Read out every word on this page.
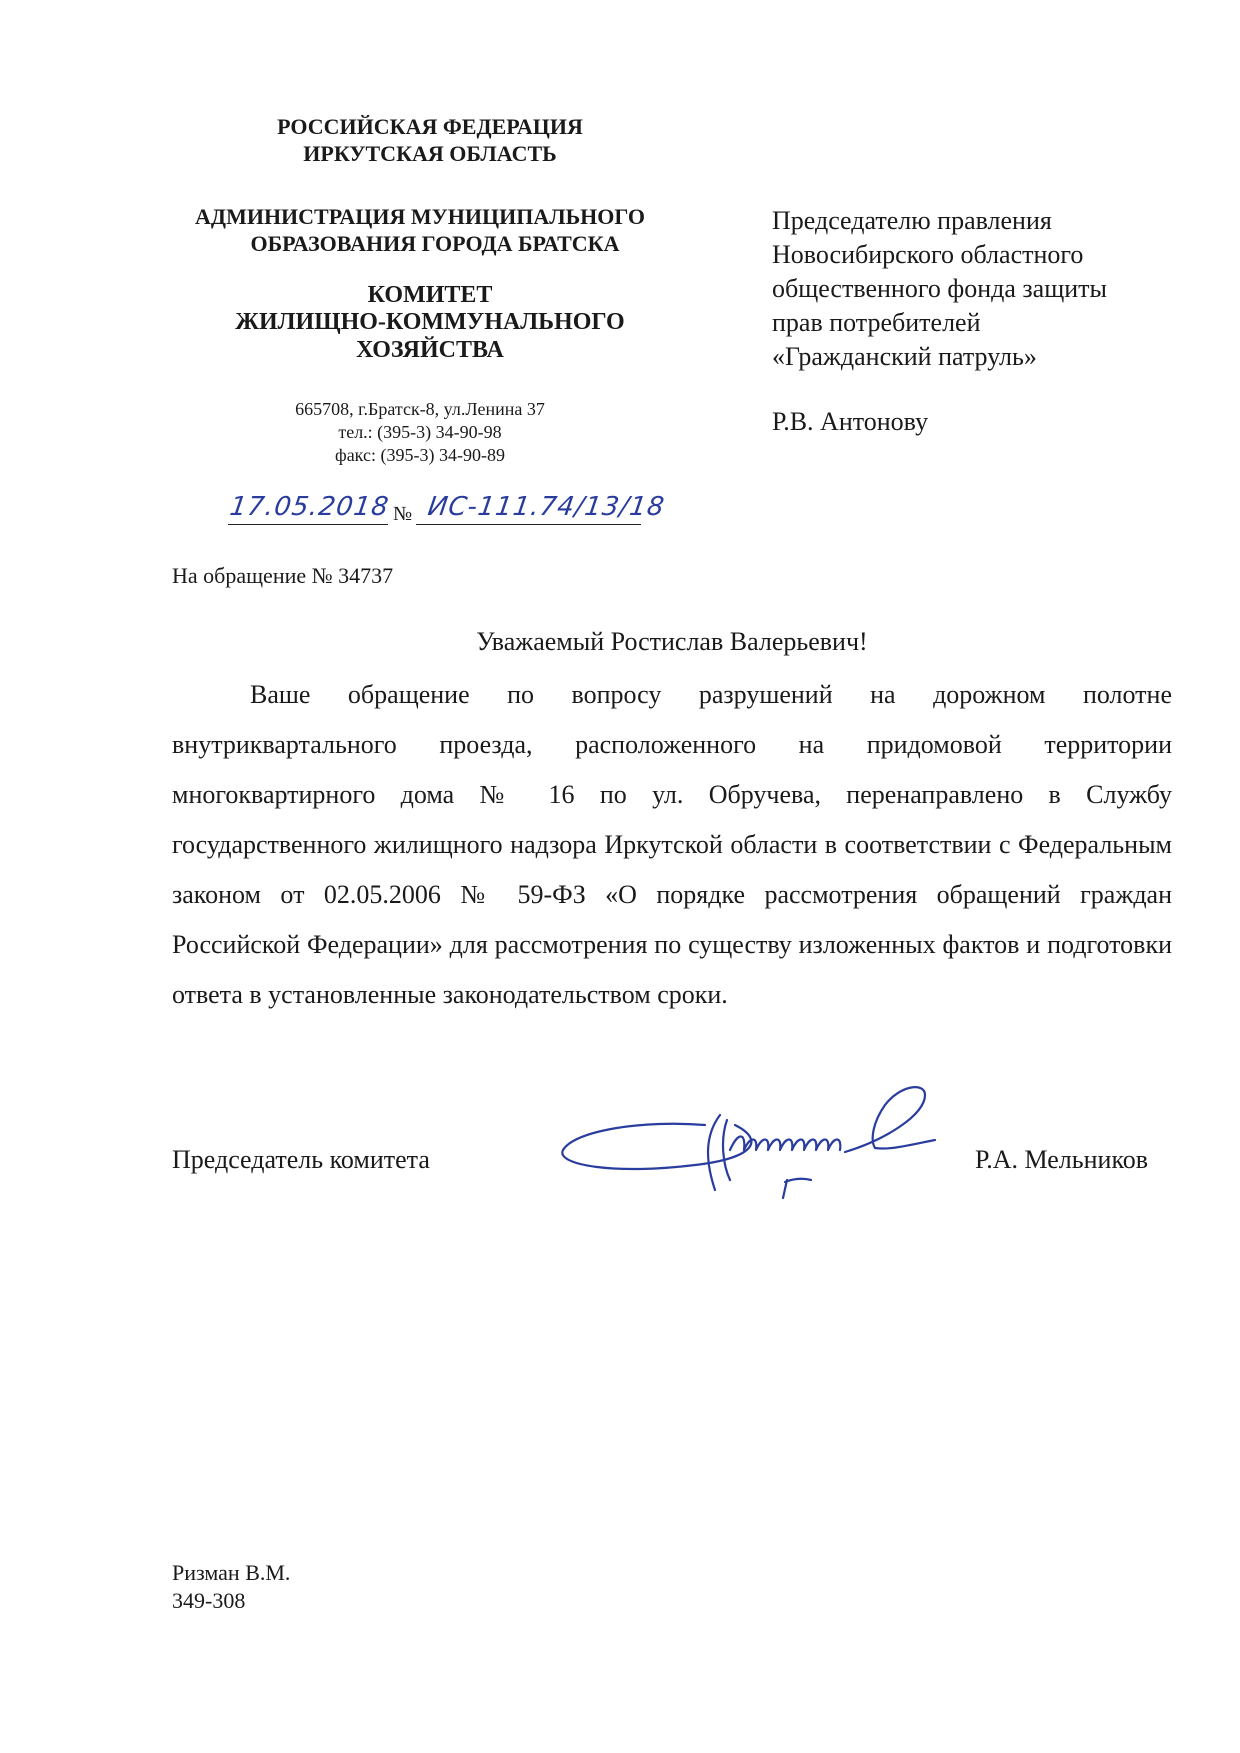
РОССИЙСКАЯ ФЕДЕРАЦИЯ
ИРКУТСКАЯ ОБЛАСТЬ
АДМИНИСТРАЦИЯ МУНИЦИПАЛЬНОГО
ОБРАЗОВАНИЯ ГОРОДА БРАТСКА
КОМИТЕТ
ЖИЛИЩНО-КОММУНАЛЬНОГО
ХОЗЯЙСТВА
665708, г.Братск-8, ул.Ленина 37
тел.: (395-3) 34-90-98
факс: (395-3) 34-90-89
17.05.2018 № ИС-111.74/13/18
Председателю правления
Новосибирского областного
общественного фонда защиты
прав потребителей
«Гражданский патруль»
Р.В. Антонову
На обращение № 34737
Уважаемый Ростислав Валерьевич!

Ваше обращение по вопросу разрушений на дорожном полотне внутриквартального проезда, расположенного на придомовой территории многоквартирного дома № 16 по ул. Обручева, перенаправлено в Службу государственного жилищного надзора Иркутской области в соответствии с Федеральным законом от 02.05.2006 № 59-ФЗ «О порядке рассмотрения обращений граждан Российской Федерации» для рассмотрения по существу изложенных фактов и подготовки ответа в установленные законодательством сроки.

Председатель комитета	Р.А. Мельников
Ризман В.М.
349-308
